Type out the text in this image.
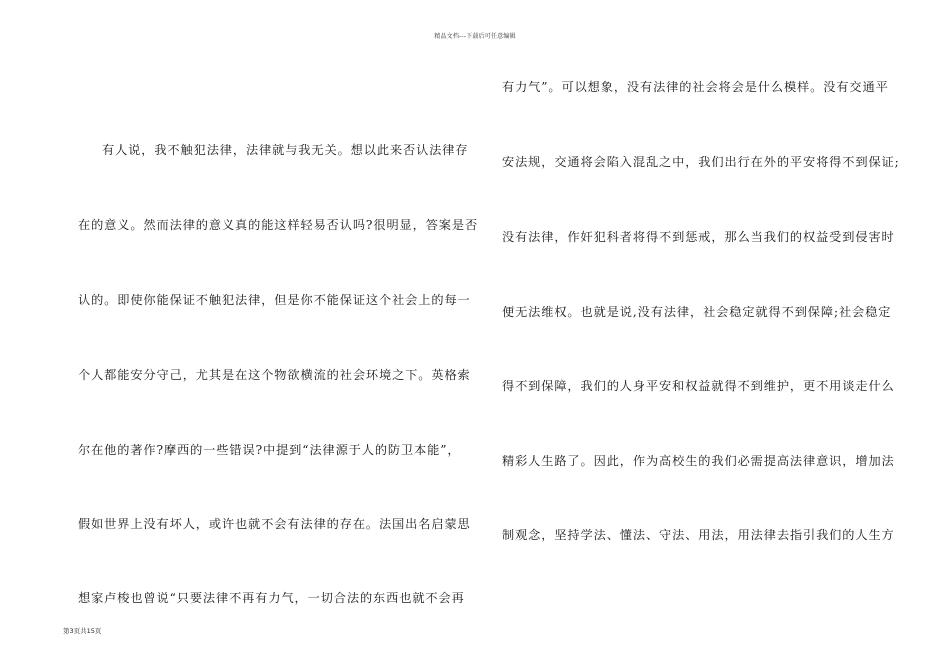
精品文档---下载后可任意编辑
有人说，我不触犯法律，法律就与我无关。想以此来否认法律存
在的意义。然而法律的意义真的能这样轻易否认吗?很明显，答案是否
认的。即使你能保证不触犯法律，但是你不能保证这个社会上的每一
个人都能安分守己，尤其是在这个物欲横流的社会环境之下。英格索
尔在他的著作?摩西的一些错误?中提到“法律源于人的防卫本能”，
假如世界上没有坏人，或许也就不会有法律的存在。法国出名启蒙思
想家卢梭也曾说“只要法律不再有力气，一切合法的东西也就不会再
有力气”。可以想象，没有法律的社会将会是什么模样。没有交通平
安法规，交通将会陷入混乱之中，我们出行在外的平安将得不到保证;
没有法律，作奸犯科者将得不到惩戒，那么当我们的权益受到侵害时
便无法维权。也就是说,没有法律，社会稳定就得不到保障;社会稳定
得不到保障，我们的人身平安和权益就得不到维护，更不用谈走什么
精彩人生路了。因此，作为高校生的我们必需提高法律意识，增加法
制观念，坚持学法、懂法、守法、用法，用法律去指引我们的人生方
第3页共15页
